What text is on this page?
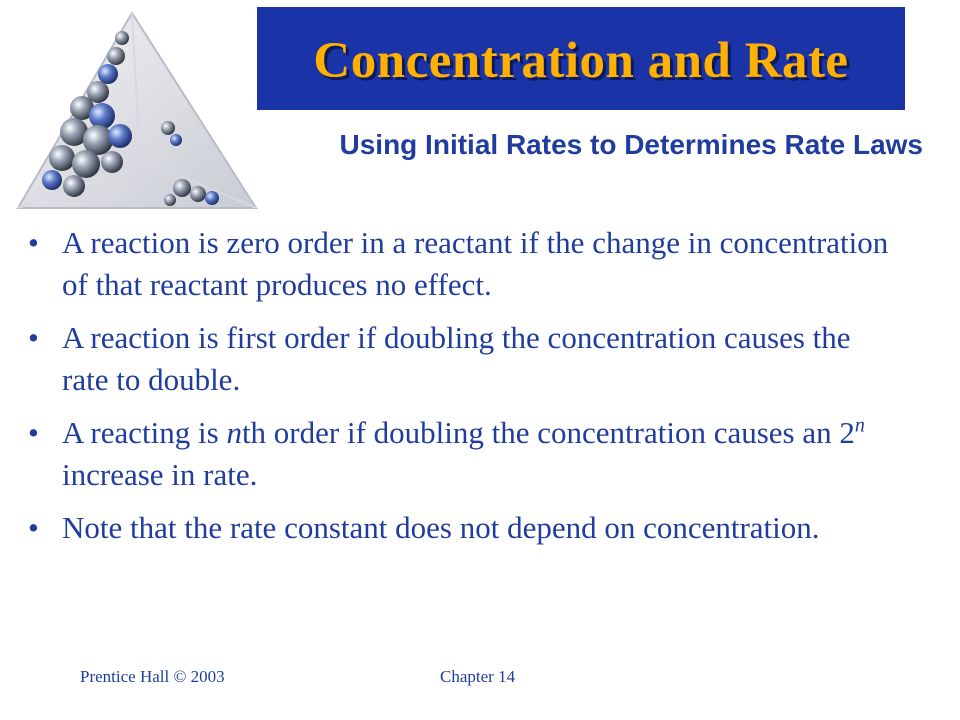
Concentration and Rate
Using Initial Rates to Determines Rate Laws
• A reaction is zero order in a reactant if the change in concentration of that reactant produces no effect.
• A reaction is first order if doubling the concentration causes the rate to double.
• A reacting is nth order if doubling the concentration causes an 2$^n$ increase in rate.
• Note that the rate constant does not depend on concentration.
Prentice Hall © 2003	Chapter 14
